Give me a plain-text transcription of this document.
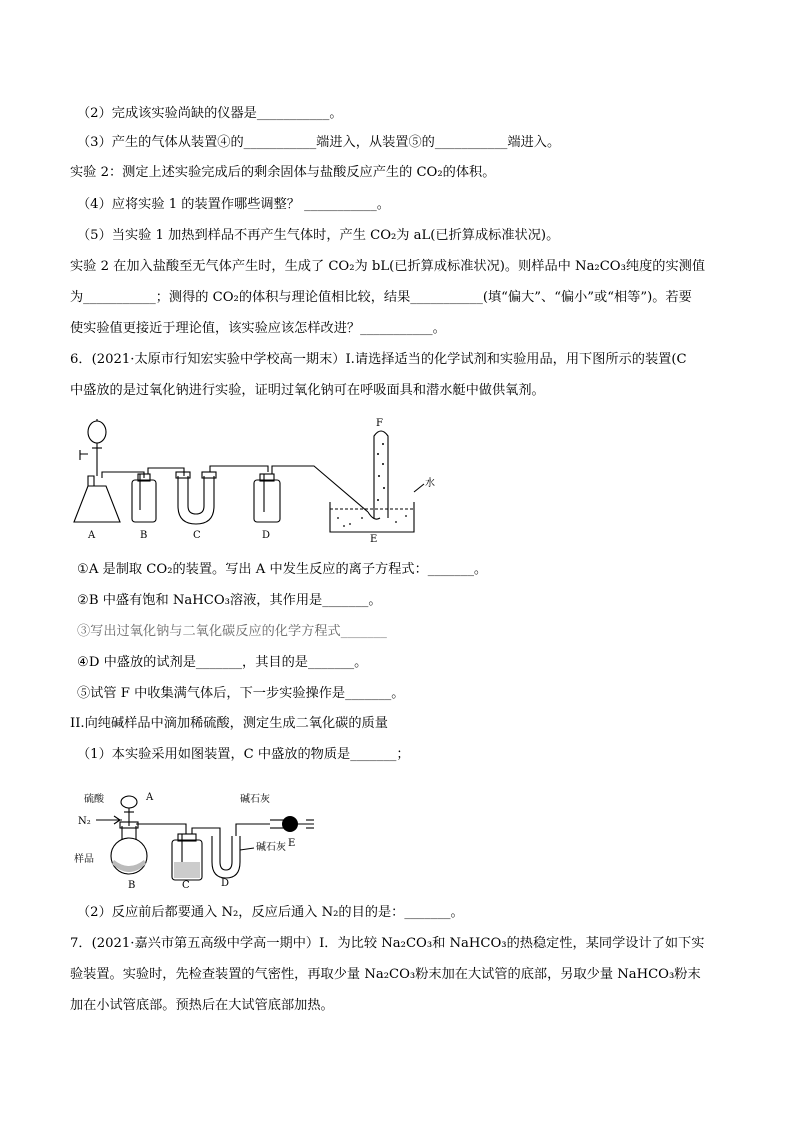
（2）完成该实验尚缺的仪器是___________。
（3）产生的气体从装置④的___________端进入，从装置⑤的___________端进入。
实验 2：测定上述实验完成后的剩余固体与盐酸反应产生的 CO₂的体积。
（4）应将实验 1 的装置作哪些调整？ ___________。
（5）当实验 1 加热到样品不再产生气体时，产生 CO₂为 aL(已折算成标准状况)。
实验 2 在加入盐酸至无气体产生时，生成了 CO₂为 bL(已折算成标准状况)。则样品中 Na₂CO₃纯度的实测值
为___________；测得的 CO₂的体积与理论值相比较，结果___________(填“偏大”、“偏小”或“相等”)。若要
使实验值更接近于理论值，该实验应该怎样改进？___________。
6．(2021·太原市行知宏实验中学校高一期末）I.请选择适当的化学试剂和实验用品，用下图所示的装置(C
中盛放的是过氧化钠进行实验，证明过氧化钠可在呼吸面具和潜水艇中做供氧剂。
A	B	C	D	E
F
水
①A 是制取 CO₂的装置。写出 A 中发生反应的离子方程式：_______。
②B 中盛有饱和 NaHCO₃溶液，其作用是_______。
③写出过氧化钠与二氧化碳反应的化学方程式_______
④D 中盛放的试剂是_______，其目的是_______。
⑤试管 F 中收集满气体后，下一步实验操作是_______。
II.向纯碱样品中滴加稀硫酸，测定生成二氧化碳的质量
（1）本实验采用如图装置，C 中盛放的物质是_______；
硫酸	A
N₂
样品
B	C	D
碱石灰
碱石灰 E
（2）反应前后都要通入 N₂，反应后通入 N₂的目的是：_______。
7．(2021·嘉兴市第五高级中学高一期中）I．为比较 Na₂CO₃和 NaHCO₃的热稳定性，某同学设计了如下实
验装置。实验时，先检查装置的气密性，再取少量 Na₂CO₃粉末加在大试管的底部，另取少量 NaHCO₃粉末
加在小试管底部。预热后在大试管底部加热。
